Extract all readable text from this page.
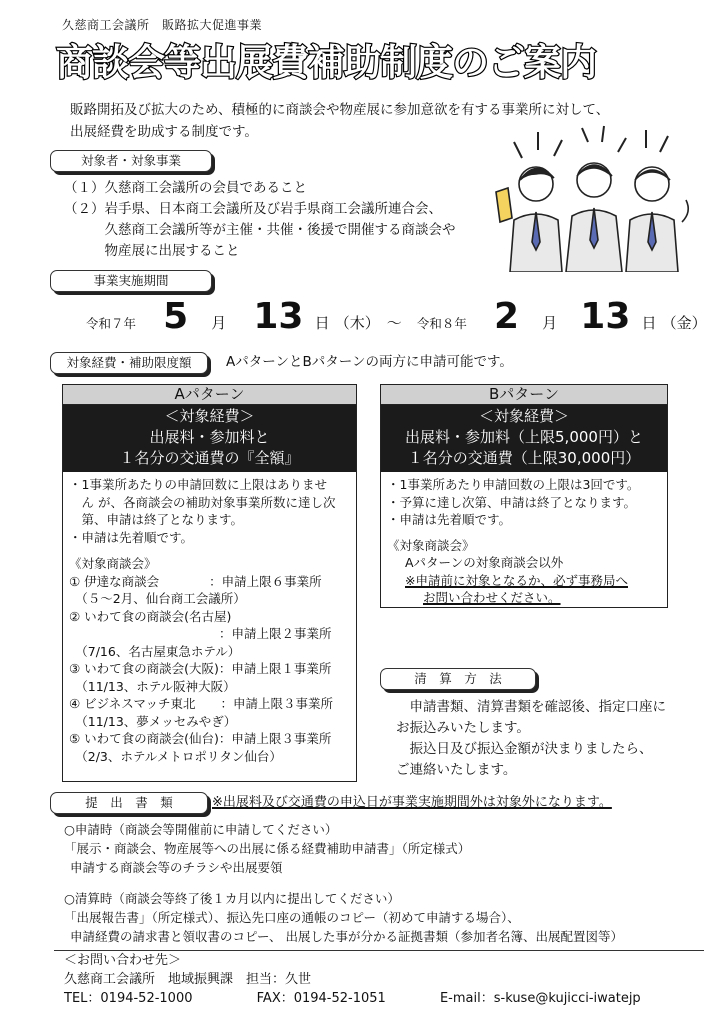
久慈商工会議所　販路拡大促進事業
商談会等出展費補助制度のご案内
販路開拓及び拡大のため、積極的に商談会や物産展に参加意欲を有する事業所に対して、
出展経費を助成する制度です。
対象者・対象事業
（１）久慈商工会議所の会員であること
（２）岩手県、日本商工会議所及び岩手県商工会議所連合会、
　　　久慈商工会議所等が主催・共催・後援で開催する商談会や
　　　物産展に出展すること
事業実施期間
令和７年 5 月 13 日 （木） 〜 令和８年 2 月 13 日 （金）
対象経費・補助限度額	AパターンとBパターンの両方に申請可能です。
Aパターン
＜対象経費＞
出展料・参加料と
１名分の交通費の『全額』
・1事業所あたりの申請回数に上限はありませ
　ん が、各商談会の補助対象事業所数に達し次
　第、申請は終了となります。
・申請は先着順です。
《対象商談会》
① 伊達な商談会　　　　：申請上限６事業所
　（５〜2月、仙台商工会議所）
② いわて食の商談会(名古屋)
　　　　　　　　　　　　：申請上限２事業所
　（7/16、名古屋東急ホテル）
③ いわて食の商談会(大阪)：申請上限１事業所
　（11/13、ホテル阪神大阪）
④ ビジネスマッチ東北　　：申請上限３事業所
　（11/13、夢メッセみやぎ）
⑤ いわて食の商談会(仙台)：申請上限３事業所
　（2/3、ホテルメトロポリタン仙台）
Bパターン
＜対象経費＞
出展料・参加料（上限5,000円）と
１名分の交通費（上限30,000円）
・1事業所あたり申請回数の上限は3回です。
・予算に達し次第、申請は終了となります。
・申請は先着順です。
《対象商談会》
Aパターンの対象商談会以外
※申請前に対象となるか、必ず事務局へ
お問い合わせください。
清　算　方　法
　申請書類、清算書類を確認後、指定口座に
お振込みいたします。
　振込日及び振込金額が決まりましたら、
ご連絡いたします。
提　出　書　類	※出展料及び交通費の申込日が事業実施期間外は対象外になります。
○申請時（商談会等開催前に申請してください）
「展示・商談会、物産展等への出展に係る経費補助申請書」（所定様式）
申請する商談会等のチラシや出展要領
○清算時（商談会等終了後１カ月以内に提出してください）
「出展報告書」（所定様式）、振込先口座の通帳のコピー（初めて申請する場合）、
申請経費の請求書と領収書のコピー、 出展した事が分かる証拠書類（参加者名簿、出展配置図等）
＜お問い合わせ先＞
久慈商工会議所　地域振興課　担当：久世
TEL：0194-52-1000	FAX：0194-52-1051	E-mail：s-kuse@kujicci-iwatejp
